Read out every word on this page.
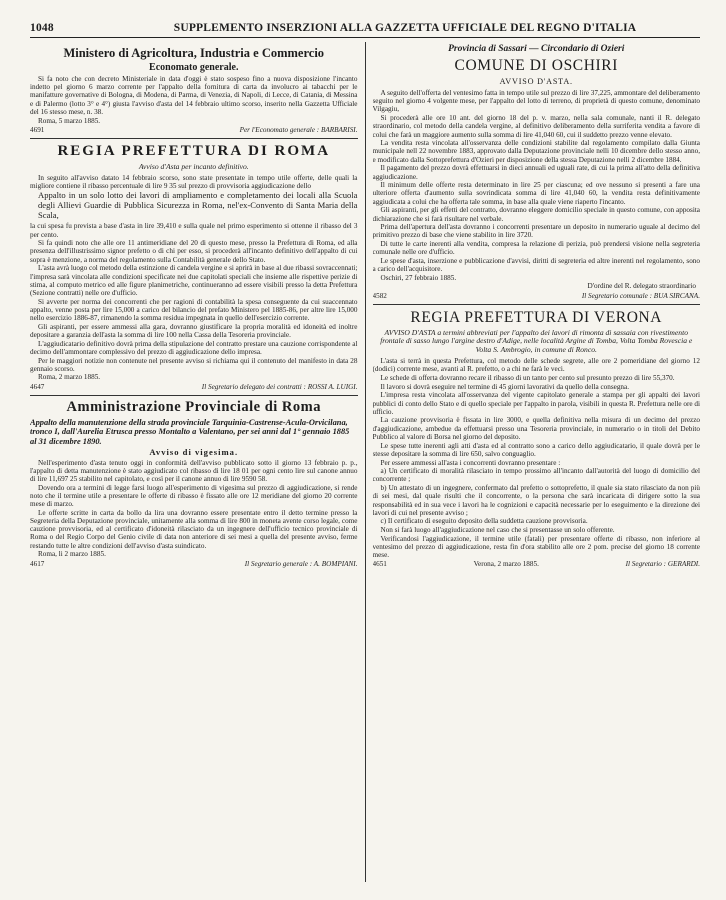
1048	SUPPLEMENTO INSERZIONI ALLA GAZZETTA UFFICIALE DEL REGNO D'ITALIA
Ministero di Agricoltura, Industria e Commercio
Economato generale.

Si fa noto che con decreto Ministeriale in data d'oggi è stato sospeso fino a nuova disposizione l'incanto indetto pel giorno 6 marzo corrente per l'appalto della fornitura di carta da involucro ai tabacchi per le manifatture governative di Bologna, di Modena, di Parma, di Venezia, di Napoli, di Lecce, di Catania, di Messina e di Palermo (lotto 3° e 4°) giusta l'avviso d'asta del 14 febbraio ultimo scorso, inserito nella Gazzetta Ufficiale del 16 stesso mese, n. 38.

Roma, 5 marzo 1885.
4691	Per l'Economato generale : BARBARISI.
REGIA PREFETTURA DI ROMA
Avviso d'Asta per incanto definitivo.

In seguito all'avviso datato 14 febbraio scorso, sono state presentate in tempo utile offerte, delle quali la migliore contiene il ribasso percentuale di lire 9 35 sul prezzo di provvisoria aggiudicazione dello

Appalto in un solo lotto dei lavori di ampliamento e completamento dei locali alla Scuola degli Allievi Guardie di Pubblica Sicurezza in Roma, nel'ex-Convento di Santa Maria della Scala,

la cui spesa fu prevista a base d'asta in lire 39,410 e sulla quale nel primo esperimento si ottenne il ribasso del 3 per cento.

Si fa quindi noto che alle ore 11 antimeridiane del 20 di questo mese, presso la Prefettura di Roma, ed alla presenza dell'illustrissimo signor prefetto o di chi per esso, si procederà all'incanto definitivo dell'appalto di cui sopra è menzione, a norma del regolamento sulla Contabilità generale dello Stato.

L'asta avrà luogo col metodo della estinzione di candela vergine e si aprirà in base al due ribassi sovraccennati; l'impresa sarà vincolata alle condizioni specificate nei due capitolati speciali che insieme alle rispettive perizie di stima, al computo metrico ed alle figure planimetriche, continueranno ad essere visibili presso la detta Prefettura (Sezione contratti) nelle ore d'ufficio.

Si avverte per norma dei concorrenti che per ragioni di contabilità la spesa conseguente da cui suaccennato appalto, venne posta per lire 15,000 a carico del bilancio del prefato Ministero pel 1885-86, per altre lire 15,000 nello esercizio 1886-87, rimanendo la somma residua impegnata in quello dell'esercizio corrente.

Gli aspiranti, per essere ammessi alla gara, dovranno giustificare la propria moralità ed idoneità ed inoltre depositare a garanzia dell'asta la somma di lire 100 nella Cassa della Tesoreria provinciale.

L'aggiudicatario definitivo dovrà prima della stipulazione del contratto prestare una cauzione corrispondente al decimo dell'ammontare complessivo del prezzo di aggiudicazione dello impresa.

Per le maggiori notizie non contenute nel presente avviso si richiama qui il contenuto del manifesto in data 28 gennaio scorso.

Roma, 2 marzo 1885.
4647	Il Segretario delegato dei contratti : ROSSI A. LUIGI.
Amministrazione Provinciale di Roma
Appalto della manutenzione della strada provinciale Tarquinia-Castrense-Acula-Orvicilana, tronco I, dall'Aurelia Etrusca presso Montalto a Valentano, per sei anni dal 1° gennaio 1885 al 31 dicembre 1890.
Avviso di vigesima.

Nell'esperimento d'asta tenuto oggi in conformità dell'avviso pubblicato sotto il giorno 13 febbraio p. p., l'appalto di detta manutenzione è stato aggiudicato col ribasso di lire 18 01 per ogni cento lire sul canone annuo di lire 11,697 25 stabilito nel capitolato, e così per il canone annuo di lire 9590 58.

Dovendo ora a termini di legge farsi luogo all'esperimento di vigesima sul prezzo di aggiudicazione, si rende noto che il termine utile a presentare le offerte di ribasso è fissato alle ore 12 meridiane del giorno 20 corrente mese di marzo.

Le offerte scritte in carta da bollo da lira una dovranno essere presentate entro il detto termine presso la Segreteria della Deputazione provinciale, unitamente alla somma di lire 800 in moneta avente corso legale, come cauzione provvisoria, ed al certificato d'idoneità rilasciato da un ingegnere dell'ufficio tecnico provinciale di Roma o del Regio Corpo del Genio civile di data non anteriore di sei mesi a quella del presente avviso, ferme restando tutte le altre condizioni dell'avviso d'asta suindicato.

Roma, li 2 marzo 1885.
4617	Il Segretario generale : A. BOMPIANI.
Provincia di Sassari — Circondario di Ozieri
COMUNE DI OSCHIRI
AVVISO D'ASTA.

A seguito dell'offerta del ventesimo fatta in tempo utile sul prezzo di lire 37,225, ammontare del deliberamento seguito nel giorno 4 volgente mese, per l'appalto del lotto di terreno, di proprietà di questo comune, denominato Vilgagiu,

Si procederà alle ore 10 ant. del giorno 18 del p. v. marzo, nella sala comunale, nanti il R. delegato straordinario, col metodo della candela vergine, al definitivo deliberamento della surriferita vendita a favore di colui che farà un maggiore aumento sulla somma di lire 41,040 60, cui il suddetto prezzo venne elevato.

La vendita resta vincolata all'osservanza delle condizioni stabilite dal regolamento compilato dalla Giunta municipale nell 22 novembre 1883, approvato dalla Deputazione provinciale nelli 10 dicembre dello stesso anno, e modificato dalla Sottoprefettura d'Ozieri per disposizione della stessa Deputazione nelli 2 dicembre 1884.

Il pagamento del prezzo dovrà effettuarsi in dieci annuali ed uguali rate, di cui la prima all'atto della definitiva aggiudicazione.

Il minimum delle offerte resta determinato in lire 25 per ciascuna; ed ove nessuno si presenti a fare una ulteriore offerta d'aumento sulla sovrindicata somma di lire 41,040 60, la vendita resta definitivamente aggiudicata a colui che ha offerta tale somma, in base alla quale viene riaperto l'incanto.

Gli aspiranti, per gli effetti del contratto, dovranno eleggere domicilio speciale in questo comune, con apposita dichiarazione che si farà risultare nel verbale.

Prima dell'apertura dell'asta dovranno i concorrenti presentare un deposito in numerario uguale al decimo del primitivo prezzo di base che viene stabilito in lire 3720.

Di tutte le carte inerenti alla vendita, compresa la relazione di perizia, può prendersi visione nella segreteria comunale nelle ore d'ufficio.

Le spese d'asta, inserzione e pubblicazione d'avvisi, diritti di segreteria ed altre inerenti nel regolamento, sono a carico dell'acquisitore.

Oschiri, 27 febbraio 1885.
D'ordine del R. delegato straordinario
4582	Il Segretario comunale : BUA SIRCANA.
REGIA PREFETTURA DI VERONA
AVVISO D'ASTA a termini abbreviati per l'appalto dei lavori di rimonta di sassaia con rivestimento frontale di sasso lungo l'argine destro d'Adige, nelle località Argine di Tomba, Volta Tomba Rovescia e Volta S. Ambrogio, in comune di Ronco.

L'asta si terrà in questa Prefettura, col metodo delle schede segrete, alle ore 2 pomeridiane del giorno 12 (dodici) corrente mese, avanti al R. prefetto, o a chi ne farà le veci.

Le schede di offerta dovranno recare il ribasso di un tanto per cento sul presunto prezzo di lire 55,370.

Il lavoro si dovrà eseguire nel termine di 45 giorni lavorativi da quello della consegna.

L'impresa resta vincolata all'osservanza del vigente capitolato generale a stampa per gli appalti dei lavori pubblici di conto dello Stato e di quello speciale per l'appalto in parola, visibili in questa R. Prefettura nelle ore di ufficio.

La cauzione provvisoria è fissata in lire 3000, e quella definitiva nella misura di un decimo del prezzo d'aggiudicazione, ambedue da effettuarsi presso una Tesoreria provinciale, in numerario o in titoli del Debito Pubblico al valore di Borsa nel giorno del deposito.

Le spese tutte inerenti agli atti d'asta ed al contratto sono a carico dello aggiudicatario, il quale dovrà per le stesse depositare la somma di lire 650, salvo conguaglio.

Per essere ammessi all'asta i concorrenti dovranno presentare :

a) Un certificato di moralità rilasciato in tempo prossimo all'incanto dall'autorità del luogo di domicilio del concorrente ;

b) Un attestato di un ingegnere, confermato dal prefetto o sottoprefetto, il quale sia stato rilasciato da non più di sei mesi, dal quale risulti che il concorrente, o la persona che sarà incaricata di dirigere sotto la sua responsabilità ed in sua vece i lavori ha le cognizioni e capacità necessarie per lo eseguimento e la direzione dei lavori di cui nel presente avviso ;

c) Il certificato di eseguito deposito della suddetta cauzione provvisoria.

Non si farà luogo all'aggiudicazione nel caso che si presentasse un solo offerente.

Verificandosi l'aggiudicazione, il termine utile (fatali) per presentare offerte di ribasso, non inferiore al ventesimo del prezzo di aggiudicazione, resta fin d'ora stabilito alle ore 2 pom. precise del giorno 18 corrente mese.

4651	Verona, 2 marzo 1885.	Il Segretario : GERARDI.
